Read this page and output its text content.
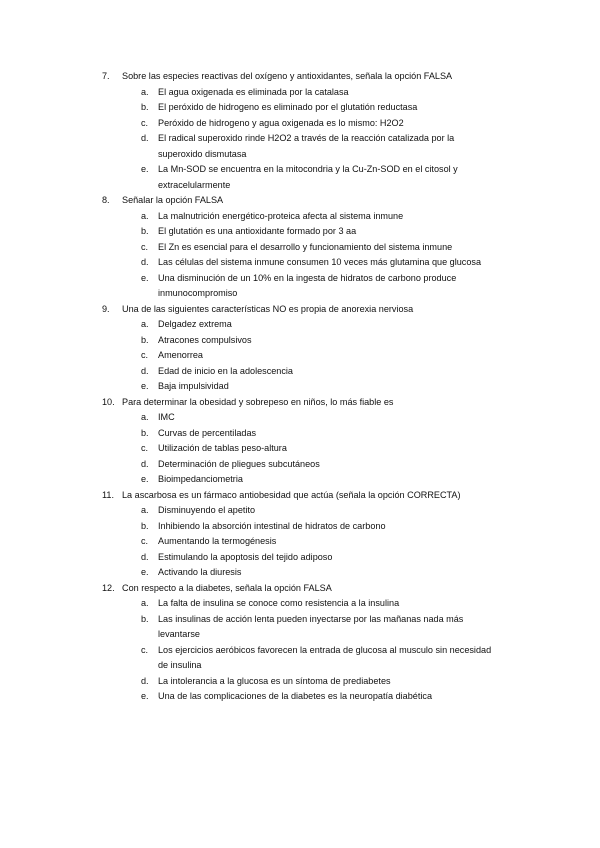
7. Sobre las especies reactivas del oxígeno y antioxidantes, señala la opción FALSA
a. El agua oxigenada es eliminada por la catalasa
b. El peróxido de hidrogeno es eliminado por el glutatión reductasa
c. Peróxido de hidrogeno y agua oxigenada es lo mismo: H2O2
d. El radical superoxido rinde H2O2 a través de la reacción catalizada por la superoxido dismutasa
e. La Mn-SOD se encuentra en la mitocondria y la Cu-Zn-SOD en el citosol y extracelularmente
8. Señalar la opción FALSA
a. La malnutrición energético-proteica afecta al sistema inmune
b. El glutatión es una antioxidante formado por 3 aa
c. El Zn es esencial para el desarrollo y funcionamiento del sistema inmune
d. Las células del sistema inmune consumen 10 veces más glutamina que glucosa
e. Una disminución de un 10% en la ingesta de hidratos de carbono produce inmunocompromiso
9. Una de las siguientes características NO es propia de anorexia nerviosa
a. Delgadez extrema
b. Atracones compulsivos
c. Amenorrea
d. Edad de inicio en la adolescencia
e. Baja impulsividad
10. Para determinar la obesidad y sobrepeso en niños, lo más fiable es
a. IMC
b. Curvas de percentiladas
c. Utilización de tablas peso-altura
d. Determinación de pliegues subcutáneos
e. Bioimpedanciometria
11. La ascarbosa es un fármaco antiobesidad que actúa (señala la opción CORRECTA)
a. Disminuyendo el apetito
b. Inhibiendo la absorción intestinal de hidratos de carbono
c. Aumentando la termogénesis
d. Estimulando la apoptosis del tejido adiposo
e. Activando la diuresis
12. Con respecto a la diabetes, señala la opción FALSA
a. La falta de insulina se conoce como resistencia a la insulina
b. Las insulinas de acción lenta pueden inyectarse por las mañanas nada más levantarse
c. Los ejercicios aeróbicos favorecen la entrada de glucosa al musculo sin necesidad de insulina
d. La intolerancia a la glucosa es un síntoma de prediabetes
e. Una de las complicaciones de la diabetes es la neuropatía diabética
